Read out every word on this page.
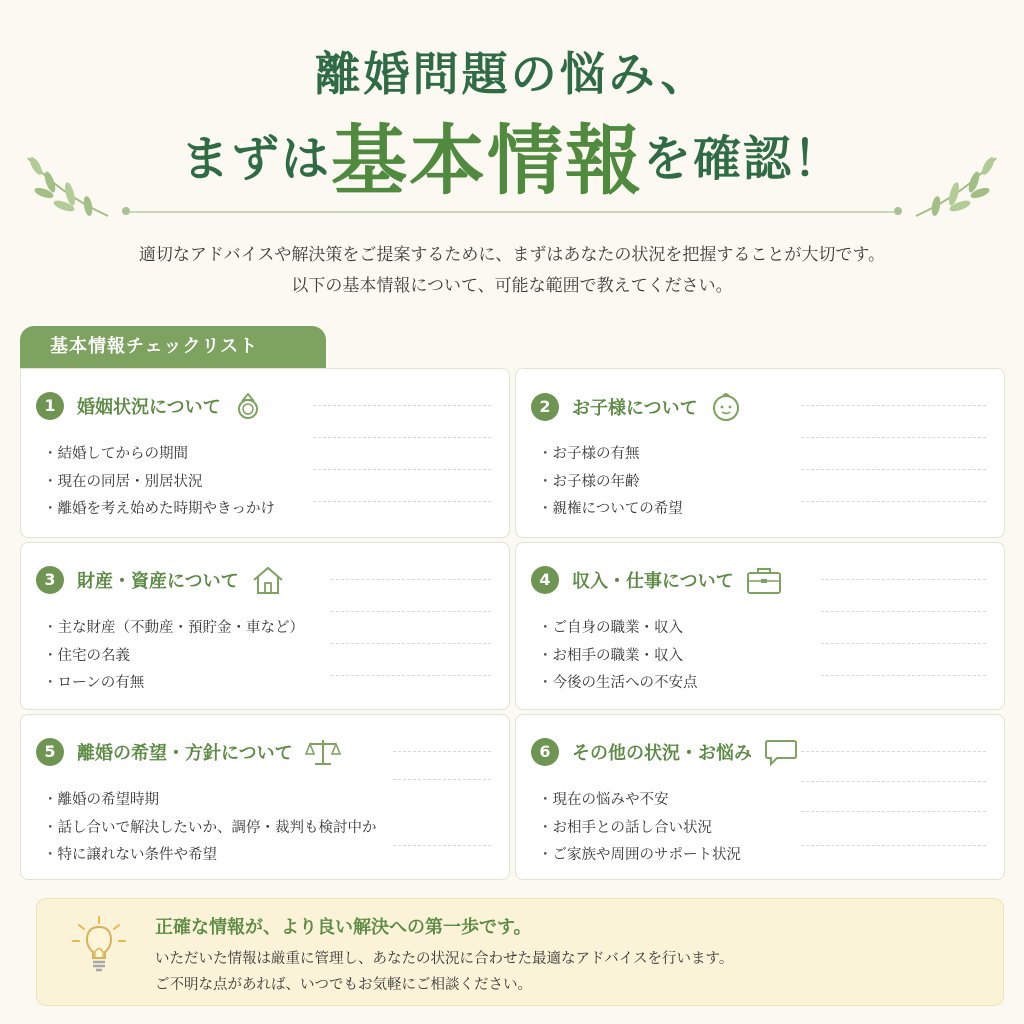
離婚問題の悩み、
まずは基本情報を確認！
適切なアドバイスや解決策をご提案するために、まずはあなたの状況を把握することが大切です。
以下の基本情報について、可能な範囲で教えてください。
基本情報チェックリスト
1	婚姻状況について
・ 結婚してからの期間
・ 現在の同居・別居状況
・ 離婚を考え始めた時期やきっかけ
2	お子様について
・ お子様の有無
・ お子様の年齢
・ 親権についての希望
3	財産・資産について
・ 主な財産（不動産・預貯金・車など）
・ 住宅の名義
・ ローンの有無
4	収入・仕事について
・ ご自身の職業・収入
・ お相手の職業・収入
・ 今後の生活への不安点
5	離婚の希望・方針について
・ 離婚の希望時期
・ 話し合いで解決したいか、調停・裁判も検討中か
・ 特に譲れない条件や希望
6	その他の状況・お悩み
・ 現在の悩みや不安
・ お相手との話し合い状況
・ ご家族や周囲のサポート状況
正確な情報が、より良い解決への第一歩です。
いただいた情報は厳重に管理し、あなたの状況に合わせた最適なアドバイスを行います。
ご不明な点があれば、いつでもお気軽にご相談ください。
